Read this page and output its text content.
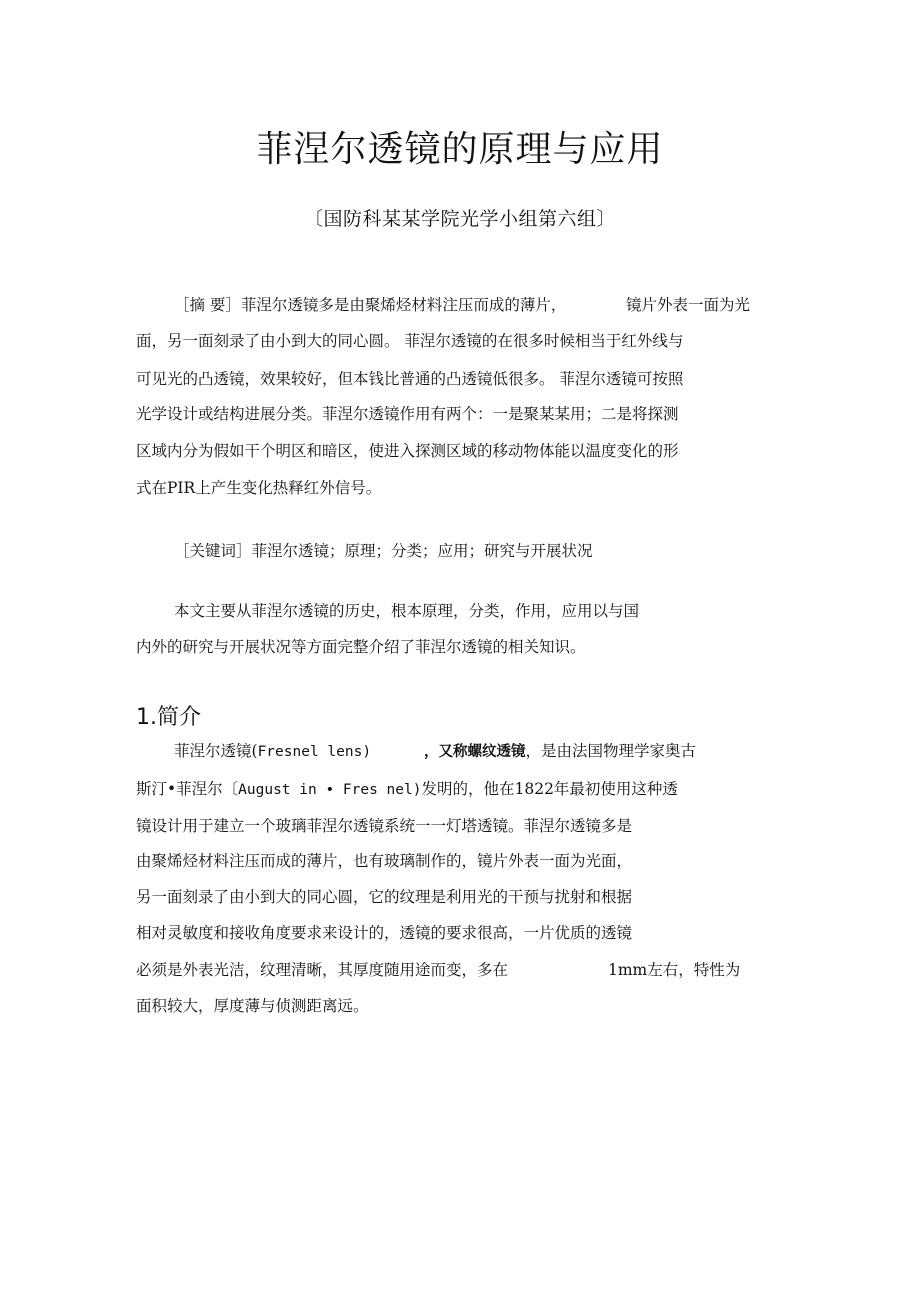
菲涅尔透镜的原理与应用
〔国防科某某学院光学小组第六组〕
［摘 要］菲涅尔透镜多是由聚烯烃材料注压而成的薄片，	镜片外表一面为光
面，另一面刻录了由小到大的同心圆。 菲涅尔透镜的在很多时候相当于红外线与
可见光的凸透镜，效果较好，但本钱比普通的凸透镜低很多。 菲涅尔透镜可按照
光学设计或结构进展分类。菲涅尔透镜作用有两个：一是聚某某用；二是将探测
区域内分为假如干个明区和暗区，使进入探测区域的移动物体能以温度变化的形
式在PIR上产生变化热释红外信号。
［关键词］菲涅尔透镜；原理；分类；应用；研究与开展状况
本文主要从菲涅尔透镜的历史，根本原理，分类，作用，应用以与国
内外的研究与开展状况等方面完整介绍了菲涅尔透镜的相关知识。
1.简介
菲涅尔透镜(Fresnel lens)	，又称螺纹透镜，是由法国物理学家奥古
斯汀•菲涅尔〔August in • Fres nel)发明的，他在1822年最初使用这种透
镜设计用于建立一个玻璃菲涅尔透镜系统一一灯塔透镜。菲涅尔透镜多是
由聚烯烃材料注压而成的薄片，也有玻璃制作的，镜片外表一面为光面，
另一面刻录了由小到大的同心圆，它的纹理是利用光的干预与扰射和根据
相对灵敏度和接收角度要求来设计的，透镜的要求很高，一片优质的透镜
必须是外表光洁，纹理清晰，其厚度随用途而变，多在	1mm左右，特性为
面积较大，厚度薄与侦测距离远。
